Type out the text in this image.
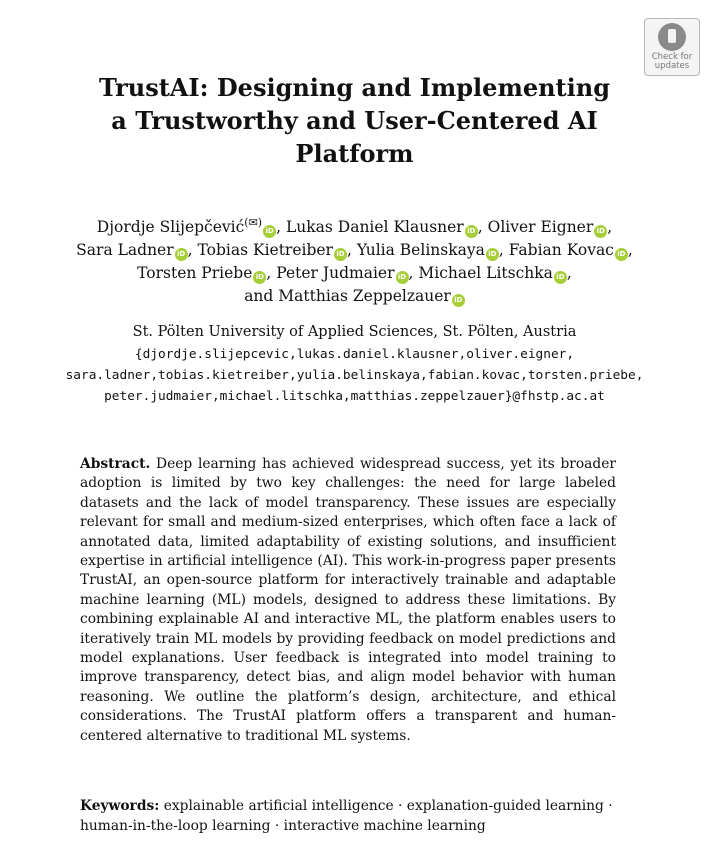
Check for

updates

TrustAI: Designing and Implementing
a Trustworthy and User-Centered AI
Platform

Djordje Slijepčević(✉)iD , Lukas Daniel Klausner iD , Oliver Eigner iD ,
Sara Ladner iD , Tobias Kietreiber iD , Yulia Belinskaya iD , Fabian Kovac iD ,
Torsten Priebe iD , Peter Judmaier iD , Michael Litschka iD ,
and Matthias Zeppelzauer iD

St. Pölten University of Applied Sciences, St. Pölten, Austria

{djordje.slijepcevic,lukas.daniel.klausner,oliver.eigner,
sara.ladner,tobias.kietreiber,yulia.belinskaya,fabian.kovac,torsten.priebe,
peter.judmaier,michael.litschka,matthias.zeppelzauer}@fhstp.ac.at

Abstract. Deep learning has achieved widespread success, yet its broader adoption is limited by two key challenges: the need for large labeled datasets and the lack of model transparency. These issues are especially relevant for small and medium-sized enterprises, which often face a lack of annotated data, limited adaptability of existing solutions, and insufficient expertise in artificial intelligence (AI). This work-in-progress paper presents TrustAI, an open-source platform for interactively trainable and adaptable machine learning (ML) models, designed to address these limitations. By combining explainable AI and interactive ML, the platform enables users to iteratively train ML models by providing feedback on model predictions and model explanations. User feedback is integrated into model training to improve transparency, detect bias, and align model behavior with human reasoning. We outline the platform’s design, architecture, and ethical considerations. The TrustAI platform offers a transparent and human-centered alternative to traditional ML systems.

Keywords: explainable artificial intelligence · explanation-guided learning · human-in-the-loop learning · interactive machine learning
